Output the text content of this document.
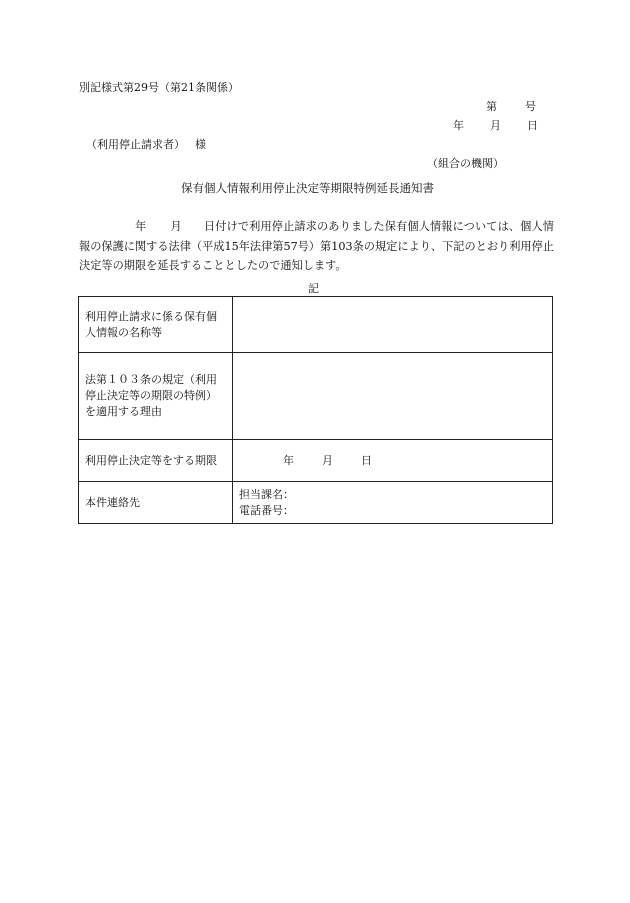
別記様式第29号（第21条関係）
第	号
年 月 日
（利用停止請求者） 様
（組合の機関）
保有個人情報利用停止決定等期限特例延長通知書
年 月 日付けで利用停止請求のありました保有個人情報については、個人情報の保護に関する法律（平成15年法律第57号）第103条の規定により、下記のとおり利用停止決定等の期限を延長することとしたので通知します。
記
利用停止請求に係る保有個人情報の名称等	
法第１０３条の規定（利用停止決定等の期限の特例）を適用する理由	
利用停止決定等をする期限	年 月 日
本件連絡先	担当課名：
電話番号：
